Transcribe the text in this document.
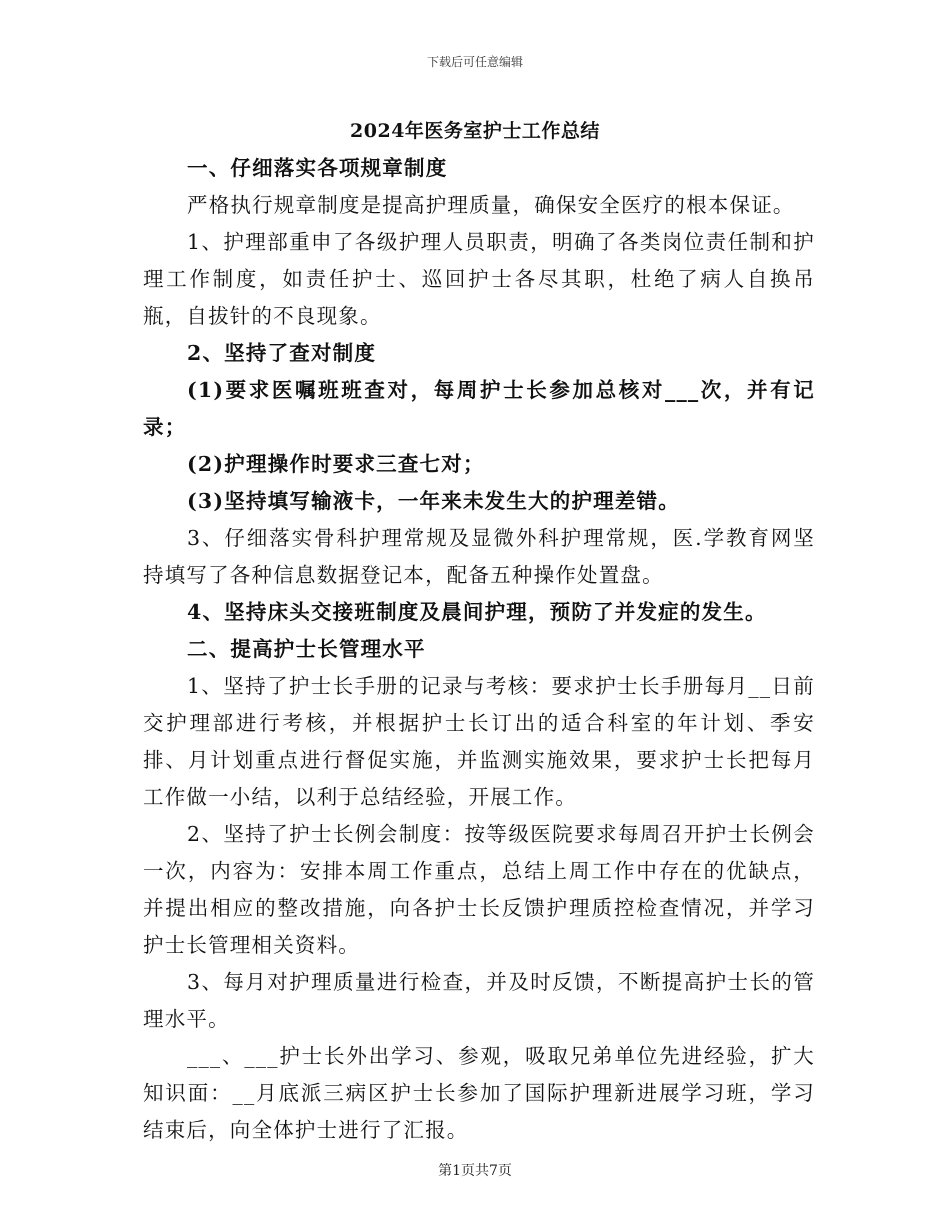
下载后可任意编辑
2024年医务室护士工作总结

一、仔细落实各项规章制度

严格执行规章制度是提高护理质量，确保安全医疗的根本保证。

1、护理部重申了各级护理人员职责，明确了各类岗位责任制和护理工作制度，如责任护士、巡回护士各尽其职，杜绝了病人自换吊瓶，自拔针的不良现象。

2、坚持了查对制度

(1)要求医嘱班班查对，每周护士长参加总核对___次，并有记录；

(2)护理操作时要求三查七对；

(3)坚持填写输液卡，一年来未发生大的护理差错。

3、仔细落实骨科护理常规及显微外科护理常规，医.学教育网坚持填写了各种信息数据登记本，配备五种操作处置盘。

4、坚持床头交接班制度及晨间护理，预防了并发症的发生。

二、提高护士长管理水平

1、坚持了护士长手册的记录与考核：要求护士长手册每月__日前交护理部进行考核，并根据护士长订出的适合科室的年计划、季安排、月计划重点进行督促实施，并监测实施效果，要求护士长把每月工作做一小结，以利于总结经验，开展工作。

2、坚持了护士长例会制度：按等级医院要求每周召开护士长例会一次，内容为：安排本周工作重点，总结上周工作中存在的优缺点，并提出相应的整改措施，向各护士长反馈护理质控检查情况，并学习护士长管理相关资料。

3、每月对护理质量进行检查，并及时反馈，不断提高护士长的管理水平。

___、___护士长外出学习、参观，吸取兄弟单位先进经验，扩大知识面：__月底派三病区护士长参加了国际护理新进展学习班，学习结束后，向全体护士进行了汇报。

第1页共7页
